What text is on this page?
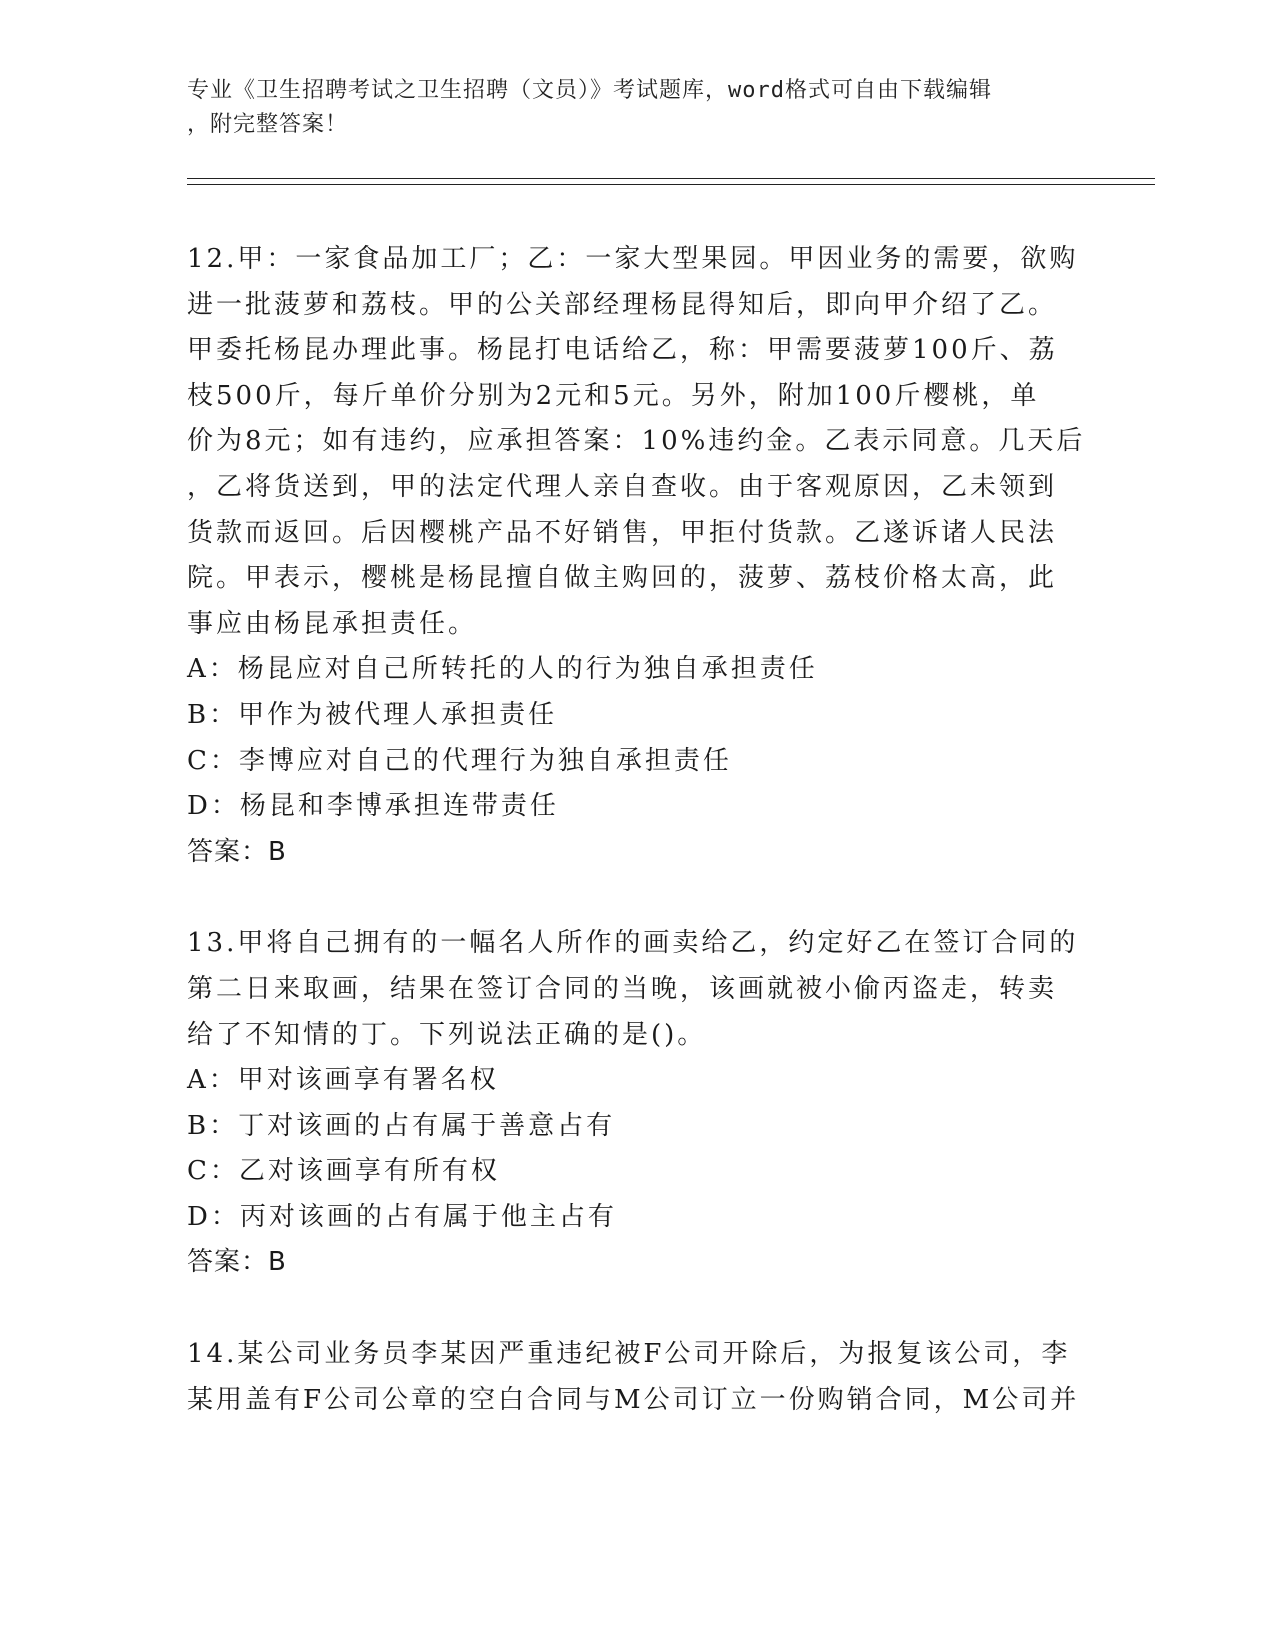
专业《卫生招聘考试之卫生招聘（文员）》考试题库，word格式可自由下载编辑
，附完整答案！
12.甲：一家食品加工厂；乙：一家大型果园。甲因业务的需要，欲购
进一批菠萝和荔枝。甲的公关部经理杨昆得知后，即向甲介绍了乙。
甲委托杨昆办理此事。杨昆打电话给乙，称：甲需要菠萝100斤、荔
枝500斤，每斤单价分别为2元和5元。另外，附加100斤樱桃，单
价为8元；如有违约，应承担答案：10%违约金。乙表示同意。几天后
，乙将货送到，甲的法定代理人亲自查收。由于客观原因，乙未领到
货款而返回。后因樱桃产品不好销售，甲拒付货款。乙遂诉诸人民法
院。甲表示，樱桃是杨昆擅自做主购回的，菠萝、荔枝价格太高，此
事应由杨昆承担责任。
A：杨昆应对自己所转托的人的行为独自承担责任
B：甲作为被代理人承担责任
C：李博应对自己的代理行为独自承担责任
D：杨昆和李博承担连带责任
答案：B
13.甲将自己拥有的一幅名人所作的画卖给乙，约定好乙在签订合同的
第二日来取画，结果在签订合同的当晚，该画就被小偷丙盗走，转卖
给了不知情的丁。下列说法正确的是()。
A：甲对该画享有署名权
B：丁对该画的占有属于善意占有
C：乙对该画享有所有权
D：丙对该画的占有属于他主占有
答案：B
14.某公司业务员李某因严重违纪被F公司开除后，为报复该公司，李
某用盖有F公司公章的空白合同与M公司订立一份购销合同，M公司并
